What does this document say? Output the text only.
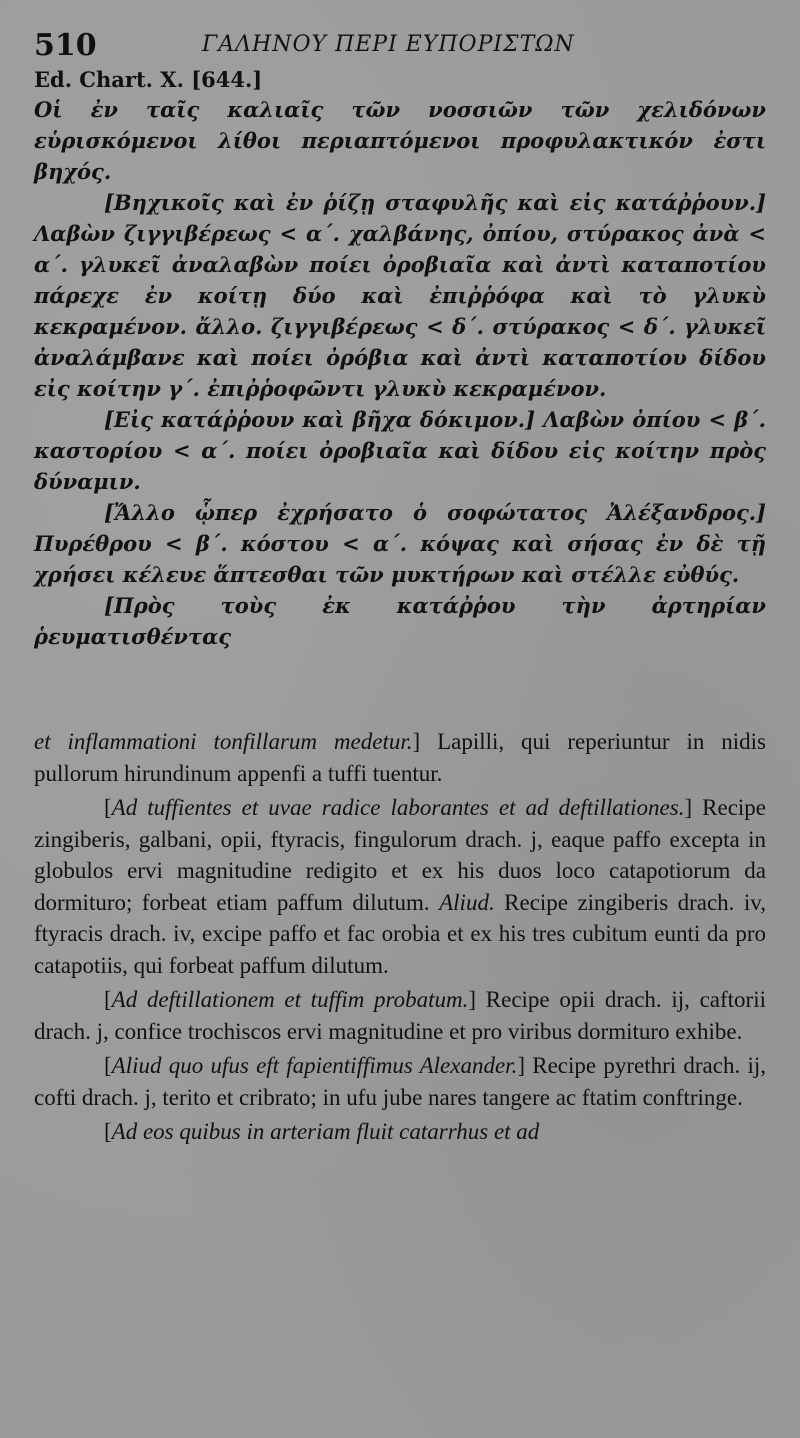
510	ΓΑΛΗΝΟΥ ΠΕΡΙ ΕΥΠΟΡΙΣΤΩΝ
Ed. Chart. X. [644.]

Οἱ ἐν ταῖς καλιαῖς τῶν νοσσιῶν τῶν χελιδόνων εὑρισκόμενοι λίθοι περιαπτόμενοι προφυλακτικόν ἐστι βηχός.

[Βηχικοῖς καὶ ἐν ῥίζῃ σταφυλῆς καὶ εἰς κατάῤῥουν.] Λαβὼν ζιγγιβέρεως < α΄. χαλβάνης, ὀπίου, στύρακος ἀνὰ < α΄. γλυκεῖ ἀναλαβὼν ποίει ὀροβιαῖα καὶ ἀντὶ καταποτίου πάρεχε ἐν κοίτῃ δύο καὶ ἐπιῤῥόφα καὶ τὸ γλυκὺ κεκραμένον. ἄλλο. ζιγγιβέρεως < δ΄. στύρακος < δ΄. γλυκεῖ ἀναλάμβανε καὶ ποίει ὀρόβια καὶ ἀντὶ καταποτίου δίδου εἰς κοίτην γ΄. ἐπιῤῥοφῶντι γλυκὺ κεκραμένον.

[Εἰς κατάῤῥουν καὶ βῆχα δόκιμον.] Λαβὼν ὀπίου < β΄. καστορίου < α΄. ποίει ὀροβιαῖα καὶ δίδου εἰς κοίτην πρὸς δύναμιν.

[Ἄλλο ᾧπερ ἐχρήσατο ὁ σοφώτατος Ἀλέξανδρος.] Πυρέθρου < β΄. κόστου < α΄. κόψας καὶ σήσας ἐν δὲ τῇ χρήσει κέλευε ἅπτεσθαι τῶν μυκτήρων καὶ στέλλε εὐθύς.

[Πρὸς τοὺς ἐκ κατάῤῥου τὴν ἀρτηρίαν ῥευματισθέντας

et inflammationi tonfillarum medetur.] Lapilli, qui reperiuntur in nidis pullorum hirundinum appenfi a tuffi tuentur.

[Ad tuffientes et uvae radice laborantes et ad deftillationes.] Recipe zingiberis, galbani, opii, ftyracis, fingulorum drach. j, eaque paffo excepta in globulos ervi magnitudine redigito et ex his duos loco catapotiorum da dormituro; forbeat etiam paffum dilutum. Aliud. Recipe zingiberis drach. iv, ftyracis drach. iv, excipe paffo et fac orobia et ex his tres cubitum eunti da pro catapotiis, qui forbeat paffum dilutum.

[Ad deftillationem et tuffim probatum.] Recipe opii drach. ij, caftorii drach. j, confice trochiscos ervi magnitudine et pro viribus dormituro exhibe.

[Aliud quo ufus eft fapientiffimus Alexander.] Recipe pyrethri drach. ij, cofti drach. j, terito et cribrato; in ufu jube nares tangere ac ftatim conftringe.

[Ad eos quibus in arteriam fluit catarrhus et ad
